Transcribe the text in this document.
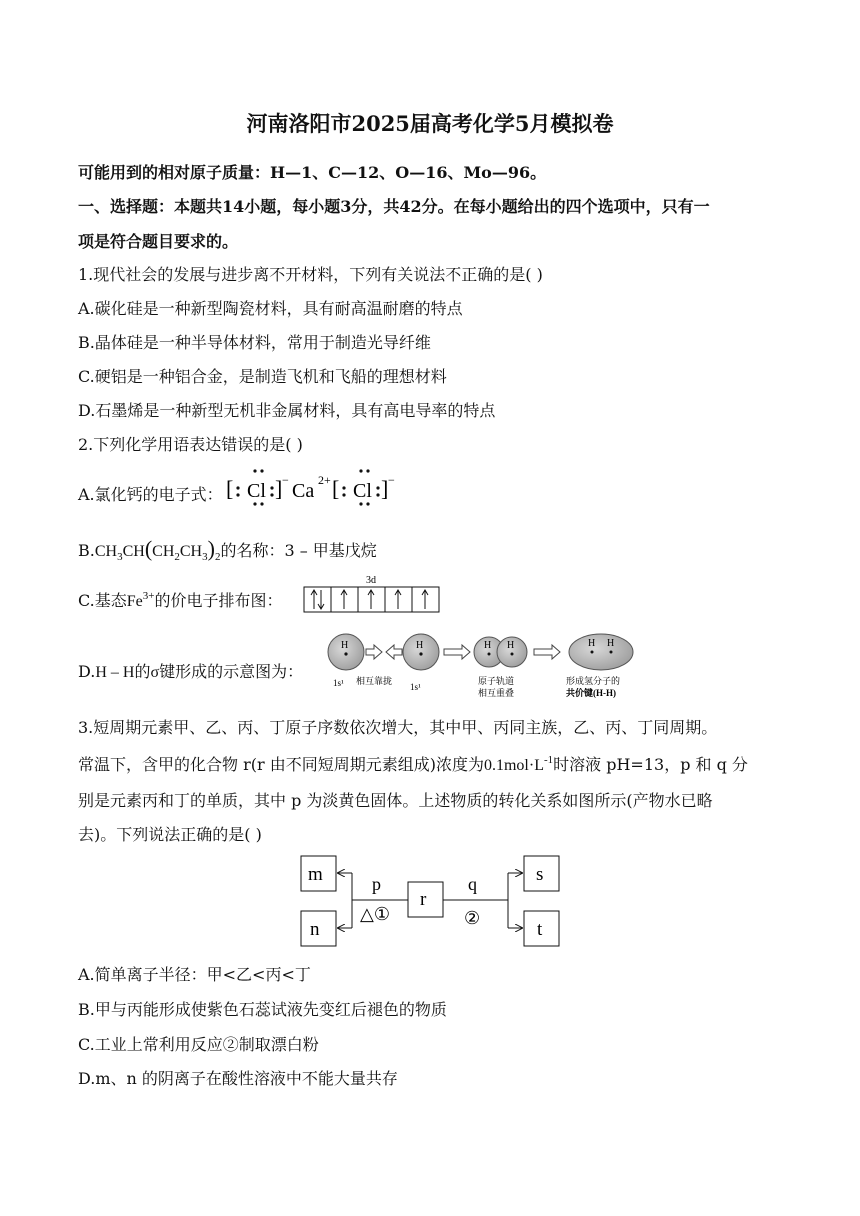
河南洛阳市2025届高考化学5月模拟卷
可能用到的相对原子质量：H—1、C—12、O—16、Mo—96。
一、选择题：本题共14小题，每小题3分，共42分。在每小题给出的四个选项中，只有一
项是符合题目要求的。
1.现代社会的发展与进步离不开材料，下列有关说法不正确的是( )
A.碳化硅是一种新型陶瓷材料，具有耐高温耐磨的特点
B.晶体硅是一种半导体材料，常用于制造光导纤维
C.硬铝是一种铝合金，是制造飞机和飞船的理想材料
D.石墨烯是一种新型无机非金属材料，具有高电导率的特点
2.下列化学用语表达错误的是( )
A.氯化钙的电子式： [ Cl ] − Ca 2+ [ Cl ] −
$B.CH_3CH(CH_2CH_3)_2$的名称：3 – 甲基戊烷
C.基态$Fe^{3+}$的价电子排布图：
3d
D.H – H的σ键形成的示意图为：
H
1s¹
H
相互靠拢
1s¹
H H
原子轨道
相互重叠
H H
形成氢分子的
共价键(H-H)
3.短周期元素甲、乙、丙、丁原子序数依次增大，其中甲、丙同主族，乙、丙、丁同周期。
常温下，含甲的化合物 r(r 由不同短周期元素组成)浓度为$0.1mol\cdot L^{-1}$时溶液 pH=13，p 和 q 分
别是元素丙和丁的单质，其中 p 为淡黄色固体。上述物质的转化关系如图所示(产物水已略
去)。下列说法正确的是( )
m
n
p
△①
r
q
②
s
t
A.简单离子半径：甲<乙<丙<丁
B.甲与丙能形成使紫色石蕊试液先变红后褪色的物质
C.工业上常利用反应②制取漂白粉
D.m、n 的阴离子在酸性溶液中不能大量共存
